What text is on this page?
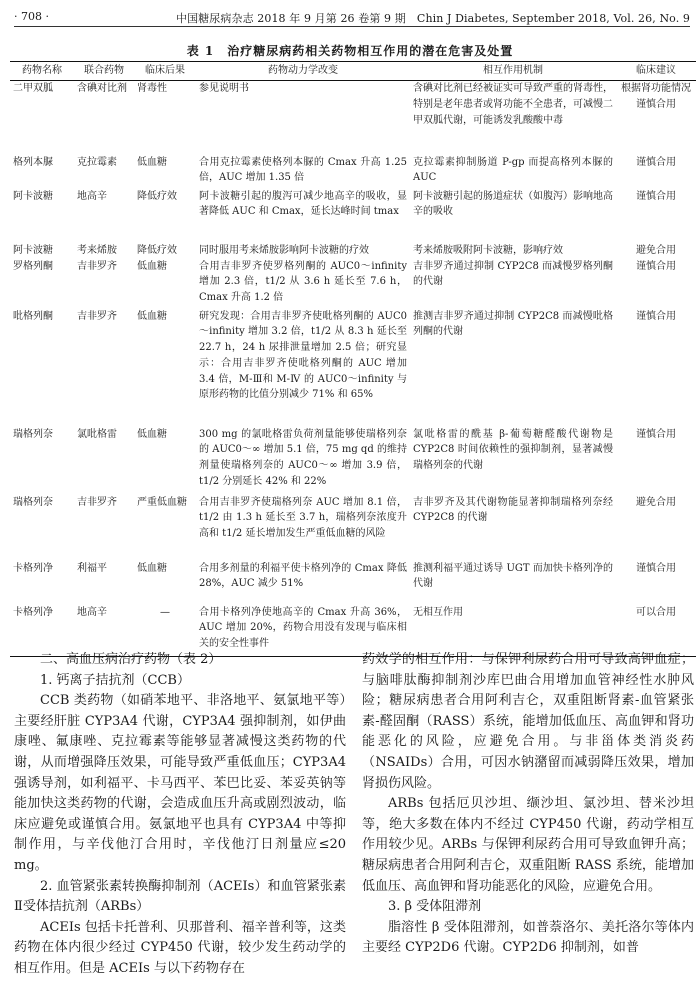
· 708 ·	中国糖尿病杂志 2018 年 9 月第 26 卷第 9 期　Chin J Diabetes, September 2018, Vol. 26, No. 9
表 1　治疗糖尿病药相关药物相互作用的潜在危害及处置
药物名称	联合药物	临床后果	药物动力学改变	相互作用机制	临床建议
二甲双胍	含碘对比剂	肾毒性	参见说明书	含碘对比剂已经被证实可导致严重的肾毒性，特别是老年患者或肾功能不全患者，可减慢二甲双胍代谢，可能诱发乳酸酸中毒	根据肾功能情况谨慎合用
格列本脲	克拉霉素	低血糖	合用克拉霉素使格列本脲的 Cmax 升高 1.25 倍，AUC 增加 1.35 倍	克拉霉素抑制肠道 P-gp 而提高格列本脲的 AUC	谨慎合用
阿卡波糖	地高辛	降低疗效	阿卡波糖引起的腹泻可减少地高辛的吸收，显著降低 AUC 和 Cmax，延长达峰时间 tmax	阿卡波糖引起的肠道症状（如腹泻）影响地高辛的吸收	谨慎合用
阿卡波糖	考来烯胺	降低疗效	同时服用考来烯胺影响阿卡波糖的疗效	考来烯胺吸附阿卡波糖，影响疗效	避免合用
罗格列酮	吉非罗齐	低血糖	合用吉非罗齐使罗格列酮的 AUC0～infinity 增加 2.3 倍，t1/2 从 3.6 h 延长至 7.6 h，Cmax 升高 1.2 倍	吉非罗齐通过抑制 CYP2C8 而减慢罗格列酮的代谢	谨慎合用
吡格列酮	吉非罗齐	低血糖	研究发现：合用吉非罗齐使吡格列酮的 AUC0～infinity 增加 3.2 倍，t1/2 从 8.3 h 延长至 22.7 h，24 h 尿排泄量增加 2.5 倍；研究显示：合用吉非罗齐使吡格列酮的 AUC 增加 3.4 倍，M-Ⅲ和 M-Ⅳ 的 AUC0～infinity 与原形药物的比值分别减少 71% 和 65%	推测吉非罗齐通过抑制 CYP2C8 而减慢吡格列酮的代谢	谨慎合用
瑞格列奈	氯吡格雷	低血糖	300 mg 的氯吡格雷负荷剂量能够使瑞格列奈的 AUC0～∞ 增加 5.1 倍，75 mg qd 的维持剂量使瑞格列奈的 AUC0～∞ 增加 3.9 倍，t1/2 分别延长 42% 和 22%	氯吡格雷的酰基 β-葡萄糖醛酸代谢物是 CYP2C8 时间依赖性的强抑制剂，显著减慢瑞格列奈的代谢	谨慎合用
瑞格列奈	吉非罗齐	严重低血糖	合用吉非罗齐使瑞格列奈 AUC 增加 8.1 倍，t1/2 由 1.3 h 延长至 3.7 h，瑞格列奈浓度升高和 t1/2 延长增加发生严重低血糖的风险	吉非罗齐及其代谢物能显著抑制瑞格列奈经 CYP2C8 的代谢	避免合用
卡格列净	利福平	低血糖	合用多剂量的利福平使卡格列净的 Cmax 降低 28%，AUC 减少 51%	推测利福平通过诱导 UGT 而加快卡格列净的代谢	谨慎合用
卡格列净	地高辛	—	合用卡格列净使地高辛的 Cmax 升高 36%，AUC 增加 20%，药物合用没有发现与临床相关的安全性事件	无相互作用	可以合用

二、高血压病治疗药物（表 2）

1. 钙离子拮抗剂（CCB）

CCB 类药物（如硝苯地平、非洛地平、氨氯地平等）主要经肝脏 CYP3A4 代谢，CYP3A4 强抑制剂，如伊曲康唑、氟康唑、克拉霉素等能够显著减慢这类药物的代谢，从而增强降压效果，可能导致严重低血压；CYP3A4 强诱导剂，如利福平、卡马西平、苯巴比妥、苯妥英钠等能加快这类药物的代谢，会造成血压升高或剧烈波动，临床应避免或谨慎合用。氨氯地平也具有 CYP3A4 中等抑制作用，与辛伐他汀合用时，辛伐他汀日剂量应≤20 mg。

2. 血管紧张素转换酶抑制剂（ACEIs）和血管紧张素Ⅱ受体拮抗剂（ARBs）

ACEIs 包括卡托普利、贝那普利、福辛普利等，这类药物在体内很少经过 CYP450 代谢，较少发生药动学的相互作用。但是 ACEIs 与以下药物存在

药效学的相互作用：与保钾利尿药合用可导致高钾血症；与脑啡肽酶抑制剂沙库巴曲合用增加血管神经性水肿风险；糖尿病患者合用阿利吉仑，双重阻断肾素-血管紧张素-醛固酮（RASS）系统，能增加低血压、高血钾和肾功能恶化的风险，应避免合用。与非甾体类消炎药（NSAIDs）合用，可因水钠潴留而减弱降压效果，增加肾损伤风险。

ARBs 包括厄贝沙坦、缬沙坦、氯沙坦、替米沙坦等，绝大多数在体内不经过 CYP450 代谢，药动学相互作用较少见。ARBs 与保钾利尿药合用可导致血钾升高；糖尿病患者合用阿利吉仑，双重阻断 RASS 系统，能增加低血压、高血钾和肾功能恶化的风险，应避免合用。

3. β 受体阻滞剂

脂溶性 β 受体阻滞剂，如普萘洛尔、美托洛尔等体内主要经 CYP2D6 代谢。CYP2D6 抑制剂，如普
